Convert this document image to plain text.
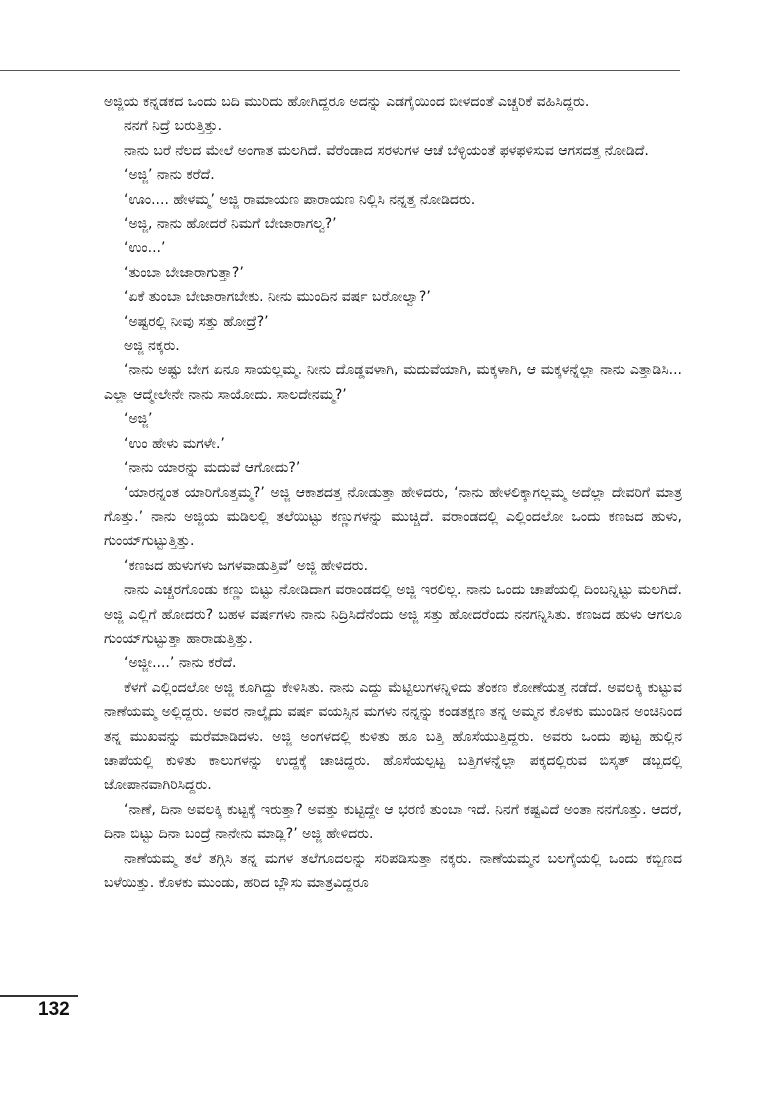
ಅಜ್ಜಿಯ ಕನ್ನಡಕದ ಒಂದು ಬದಿ ಮುರಿದು ಹೋಗಿದ್ದರೂ ಅದನ್ನು ಎಡಗೈಯಿಂದ ಬೀಳದಂತೆ ಎಚ್ಚರಿಕೆ ವಹಿಸಿದ್ದರು.

ನನಗೆ ನಿದ್ರೆ ಬರುತ್ತಿತ್ತು.

ನಾನು ಬರೆ ನೆಲದ ಮೇಲೆ ಅಂಗಾತ ಮಲಗಿದೆ. ವೆರೆಂಡಾದ ಸರಳುಗಳ ಆಚೆ ಬೆಳ್ಳಿಯಂತೆ ಫಳಫಳಿಸುವ ಆಗಸದತ್ತ ನೋಡಿದೆ.

‘ಅಜ್ಜಿ’ ನಾನು ಕರೆದೆ.

‘ಊಂ.... ಹೇಳಮ್ಮ’ ಅಜ್ಜಿ ರಾಮಾಯಣ ಪಾರಾಯಣ ನಿಲ್ಲಿಸಿ ನನ್ನತ್ತ ನೋಡಿದರು.

‘ಅಜ್ಜಿ, ನಾನು ಹೋದರೆ ನಿಮಗೆ ಬೇಜಾರಾಗಲ್ವ?’

‘ಉಂ...’

‘ತುಂಬಾ ಬೇಜಾರಾಗುತ್ತಾ?’

‘ಏಕೆ ತುಂಬಾ ಬೇಜಾರಾಗಬೇಕು. ನೀನು ಮುಂದಿನ ವರ್ಷ ಬರೋಲ್ವಾ?’

‘ಅಷ್ಟರಲ್ಲಿ ನೀವು ಸತ್ತು ಹೋದ್ರೆ?’

ಅಜ್ಜಿ ನಕ್ಕರು.

‘ನಾನು ಅಷ್ಟು ಬೇಗ ಏನೂ ಸಾಯಲ್ಲಮ್ಮ. ನೀನು ದೊಡ್ಡವಳಾಗಿ, ಮದುವೆಯಾಗಿ, ಮಕ್ಕಳಾಗಿ, ಆ ಮಕ್ಕಳನ್ನೆಲ್ಲಾ ನಾನು ಎತ್ತಾಡಿಸಿ... ಎಲ್ಲಾ ಆದ್ಮೇಲೇನೇ ನಾನು ಸಾಯೋದು. ಸಾಲದೇನಮ್ಮ?’

‘ಅಜ್ಜಿ’

‘ಉಂ ಹೇಳು ಮಗಳೇ.’

‘ನಾನು ಯಾರನ್ನು ಮದುವೆ ಆಗೋದು?’

‘ಯಾರನ್ನಂತ ಯಾರಿಗೊತ್ತಮ್ಮ?’ ಅಜ್ಜಿ ಆಕಾಶದತ್ತ ನೋಡುತ್ತಾ ಹೇಳಿದರು, ‘ನಾನು ಹೇಳಲಿಕ್ಕಾಗಲ್ಲಮ್ಮ ಅದೆಲ್ಲಾ ದೇವರಿಗೆ ಮಾತ್ರ ಗೊತ್ತು.’ ನಾನು ಅಜ್ಜಿಯ ಮಡಿಲಲ್ಲಿ ತಲೆಯಿಟ್ಟು ಕಣ್ಣುಗಳನ್ನು ಮುಚ್ಚಿದೆ. ವರಾಂಡದಲ್ಲಿ ಎಲ್ಲಿಂದಲೋ ಒಂದು ಕಣಜದ ಹುಳು, ಗುಂಯ್‌ಗುಟ್ಟುತ್ತಿತ್ತು.

‘ಕಣಜದ ಹುಳುಗಳು ಜಗಳವಾಡುತ್ತಿವೆ’ ಅಜ್ಜಿ ಹೇಳಿದರು.

ನಾನು ಎಚ್ಚರಗೊಂಡು ಕಣ್ಣು ಬಿಟ್ಟು ನೋಡಿದಾಗ ವರಾಂಡದಲ್ಲಿ ಅಜ್ಜಿ ಇರಲಿಲ್ಲ. ನಾನು ಒಂದು ಚಾಪೆಯಲ್ಲಿ ದಿಂಬನ್ನಿಟ್ಟು ಮಲಗಿದೆ. ಅಜ್ಜಿ ಎಲ್ಲಿಗೆ ಹೋದರು? ಬಹಳ ವರ್ಷಗಳು ನಾನು ನಿದ್ರಿಸಿದೆನೆಂದು ಅಜ್ಜಿ ಸತ್ತು ಹೋದರೆಂದು ನನಗನ್ನಿಸಿತು. ಕಣಜದ ಹುಳು ಆಗಲೂ ಗುಂಯ್‌ಗುಟ್ಟುತ್ತಾ ಹಾರಾಡುತ್ತಿತ್ತು.

‘ಅಜ್ಜೀ....’ ನಾನು ಕರೆದೆ.

ಕೆಳಗೆ ಎಲ್ಲಿಂದಲೋ ಅಜ್ಜಿ ಕೂಗಿದ್ದು ಕೇಳಿಸಿತು. ನಾನು ಎದ್ದು ಮೆಟ್ಟಿಲುಗಳನ್ನಿಳಿದು ತೆಂಕಣ ಕೋಣೆಯತ್ತ ನಡೆದೆ. ಅವಲಕ್ಕಿ ಕುಟ್ಟುವ ನಾಣೆಯಮ್ಮ ಅಲ್ಲಿದ್ದರು. ಅವರ ನಾಲ್ಕೈದು ವರ್ಷ ವಯಸ್ಸಿನ ಮಗಳು ನನ್ನನ್ನು ಕಂಡತಕ್ಷಣ ತನ್ನ ಅಮ್ಮನ ಕೊಳಕು ಮುಂಡಿನ ಅಂಚಿನಿಂದ ತನ್ನ ಮುಖವನ್ನು ಮರೆಮಾಡಿದಳು. ಅಜ್ಜಿ ಅಂಗಳದಲ್ಲಿ ಕುಳಿತು ಹೂ ಬತ್ತಿ ಹೊಸೆಯುತ್ತಿದ್ದರು. ಅವರು ಒಂದು ಪುಟ್ಟ ಹುಲ್ಲಿನ ಚಾಪೆಯಲ್ಲಿ ಕುಳಿತು ಕಾಲುಗಳನ್ನು ಉದ್ದಕ್ಕೆ ಚಾಚಿದ್ದರು. ಹೊಸೆಯಲ್ಪಟ್ಟ ಬತ್ತಿಗಳನ್ನೆಲ್ಲಾ ಪಕ್ಕದಲ್ಲಿರುವ ಬಿಸ್ಕತ್ ಡಬ್ಬದಲ್ಲಿ ಜೋಪಾನವಾಗಿರಿಸಿದ್ದರು.

‘ನಾಣೆ, ದಿನಾ ಅವಲಕ್ಕಿ ಕುಟ್ಟಕ್ಕೆ ಇರುತ್ತಾ? ಅವತ್ತು ಕುಟ್ಟಿದ್ದೇ ಆ ಭರಣಿ ತುಂಬಾ ಇದೆ. ನಿನಗೆ ಕಷ್ಟವಿದೆ ಅಂತಾ ನನಗೊತ್ತು. ಆದರೆ, ದಿನಾ ಬಿಟ್ಟು ದಿನಾ ಬಂದ್ರೆ ನಾನೇನು ಮಾಡ್ಲಿ?’ ಅಜ್ಜಿ ಹೇಳಿದರು.

ನಾಣೆಯಮ್ಮ ತಲೆ ತಗ್ಗಿಸಿ ತನ್ನ ಮಗಳ ತಲೆಗೂದಲನ್ನು ಸರಿಪಡಿಸುತ್ತಾ ನಕ್ಕರು. ನಾಣೆಯಮ್ಮನ ಬಲಗೈಯಲ್ಲಿ ಒಂದು ಕಬ್ಬಿಣದ ಬಳೆಯಿತ್ತು. ಕೊಳಕು ಮುಂಡು, ಹರಿದ ಬ್ಲೌಸು ಮಾತ್ರವಿದ್ದರೂ

132
